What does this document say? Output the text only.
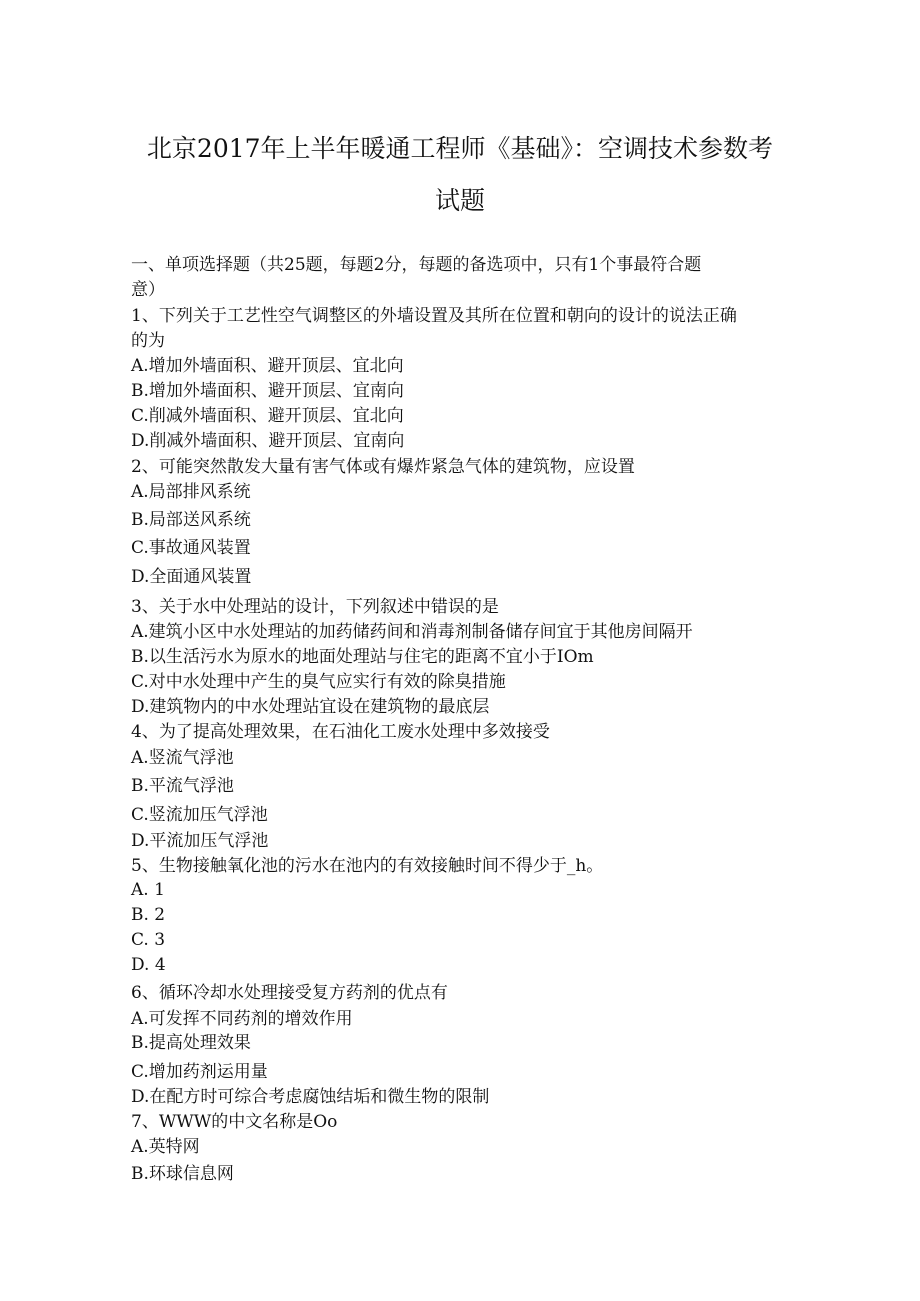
北京2017年上半年暖通工程师《基础》：空调技术参数考
试题
一、单项选择题（共25题，每题2分，每题的备选项中，只有1个事最符合题
意）
1、下列关于工艺性空气调整区的外墙设置及其所在位置和朝向的设计的说法正确
的为
A.增加外墙面积、避开顶层、宜北向
B.增加外墙面积、避开顶层、宜南向
C.削减外墙面积、避开顶层、宜北向
D.削减外墙面积、避开顶层、宜南向
2、可能突然散发大量有害气体或有爆炸紧急气体的建筑物，应设置
A.局部排风系统
B.局部送风系统
C.事故通风装置
D.全面通风装置
3、关于水中处理站的设计，下列叙述中错误的是
A.建筑小区中水处理站的加药储药间和消毒剂制备储存间宜于其他房间隔开
B.以生活污水为原水的地面处理站与住宅的距离不宜小于IOm
C.对中水处理中产生的臭气应实行有效的除臭措施
D.建筑物内的中水处理站宜设在建筑物的最底层
4、为了提高处理效果，在石油化工废水处理中多效接受
A.竖流气浮池
B.平流气浮池
C.竖流加压气浮池
D.平流加压气浮池
5、生物接触氧化池的污水在池内的有效接触时间不得少于_h。
A. 1
B. 2
C. 3
D. 4
6、循环冷却水处理接受复方药剂的优点有
A.可发挥不同药剂的增效作用
B.提高处理效果
C.增加药剂运用量
D.在配方时可综合考虑腐蚀结垢和微生物的限制
7、WWW的中文名称是Oo
A.英特网
B.环球信息网
